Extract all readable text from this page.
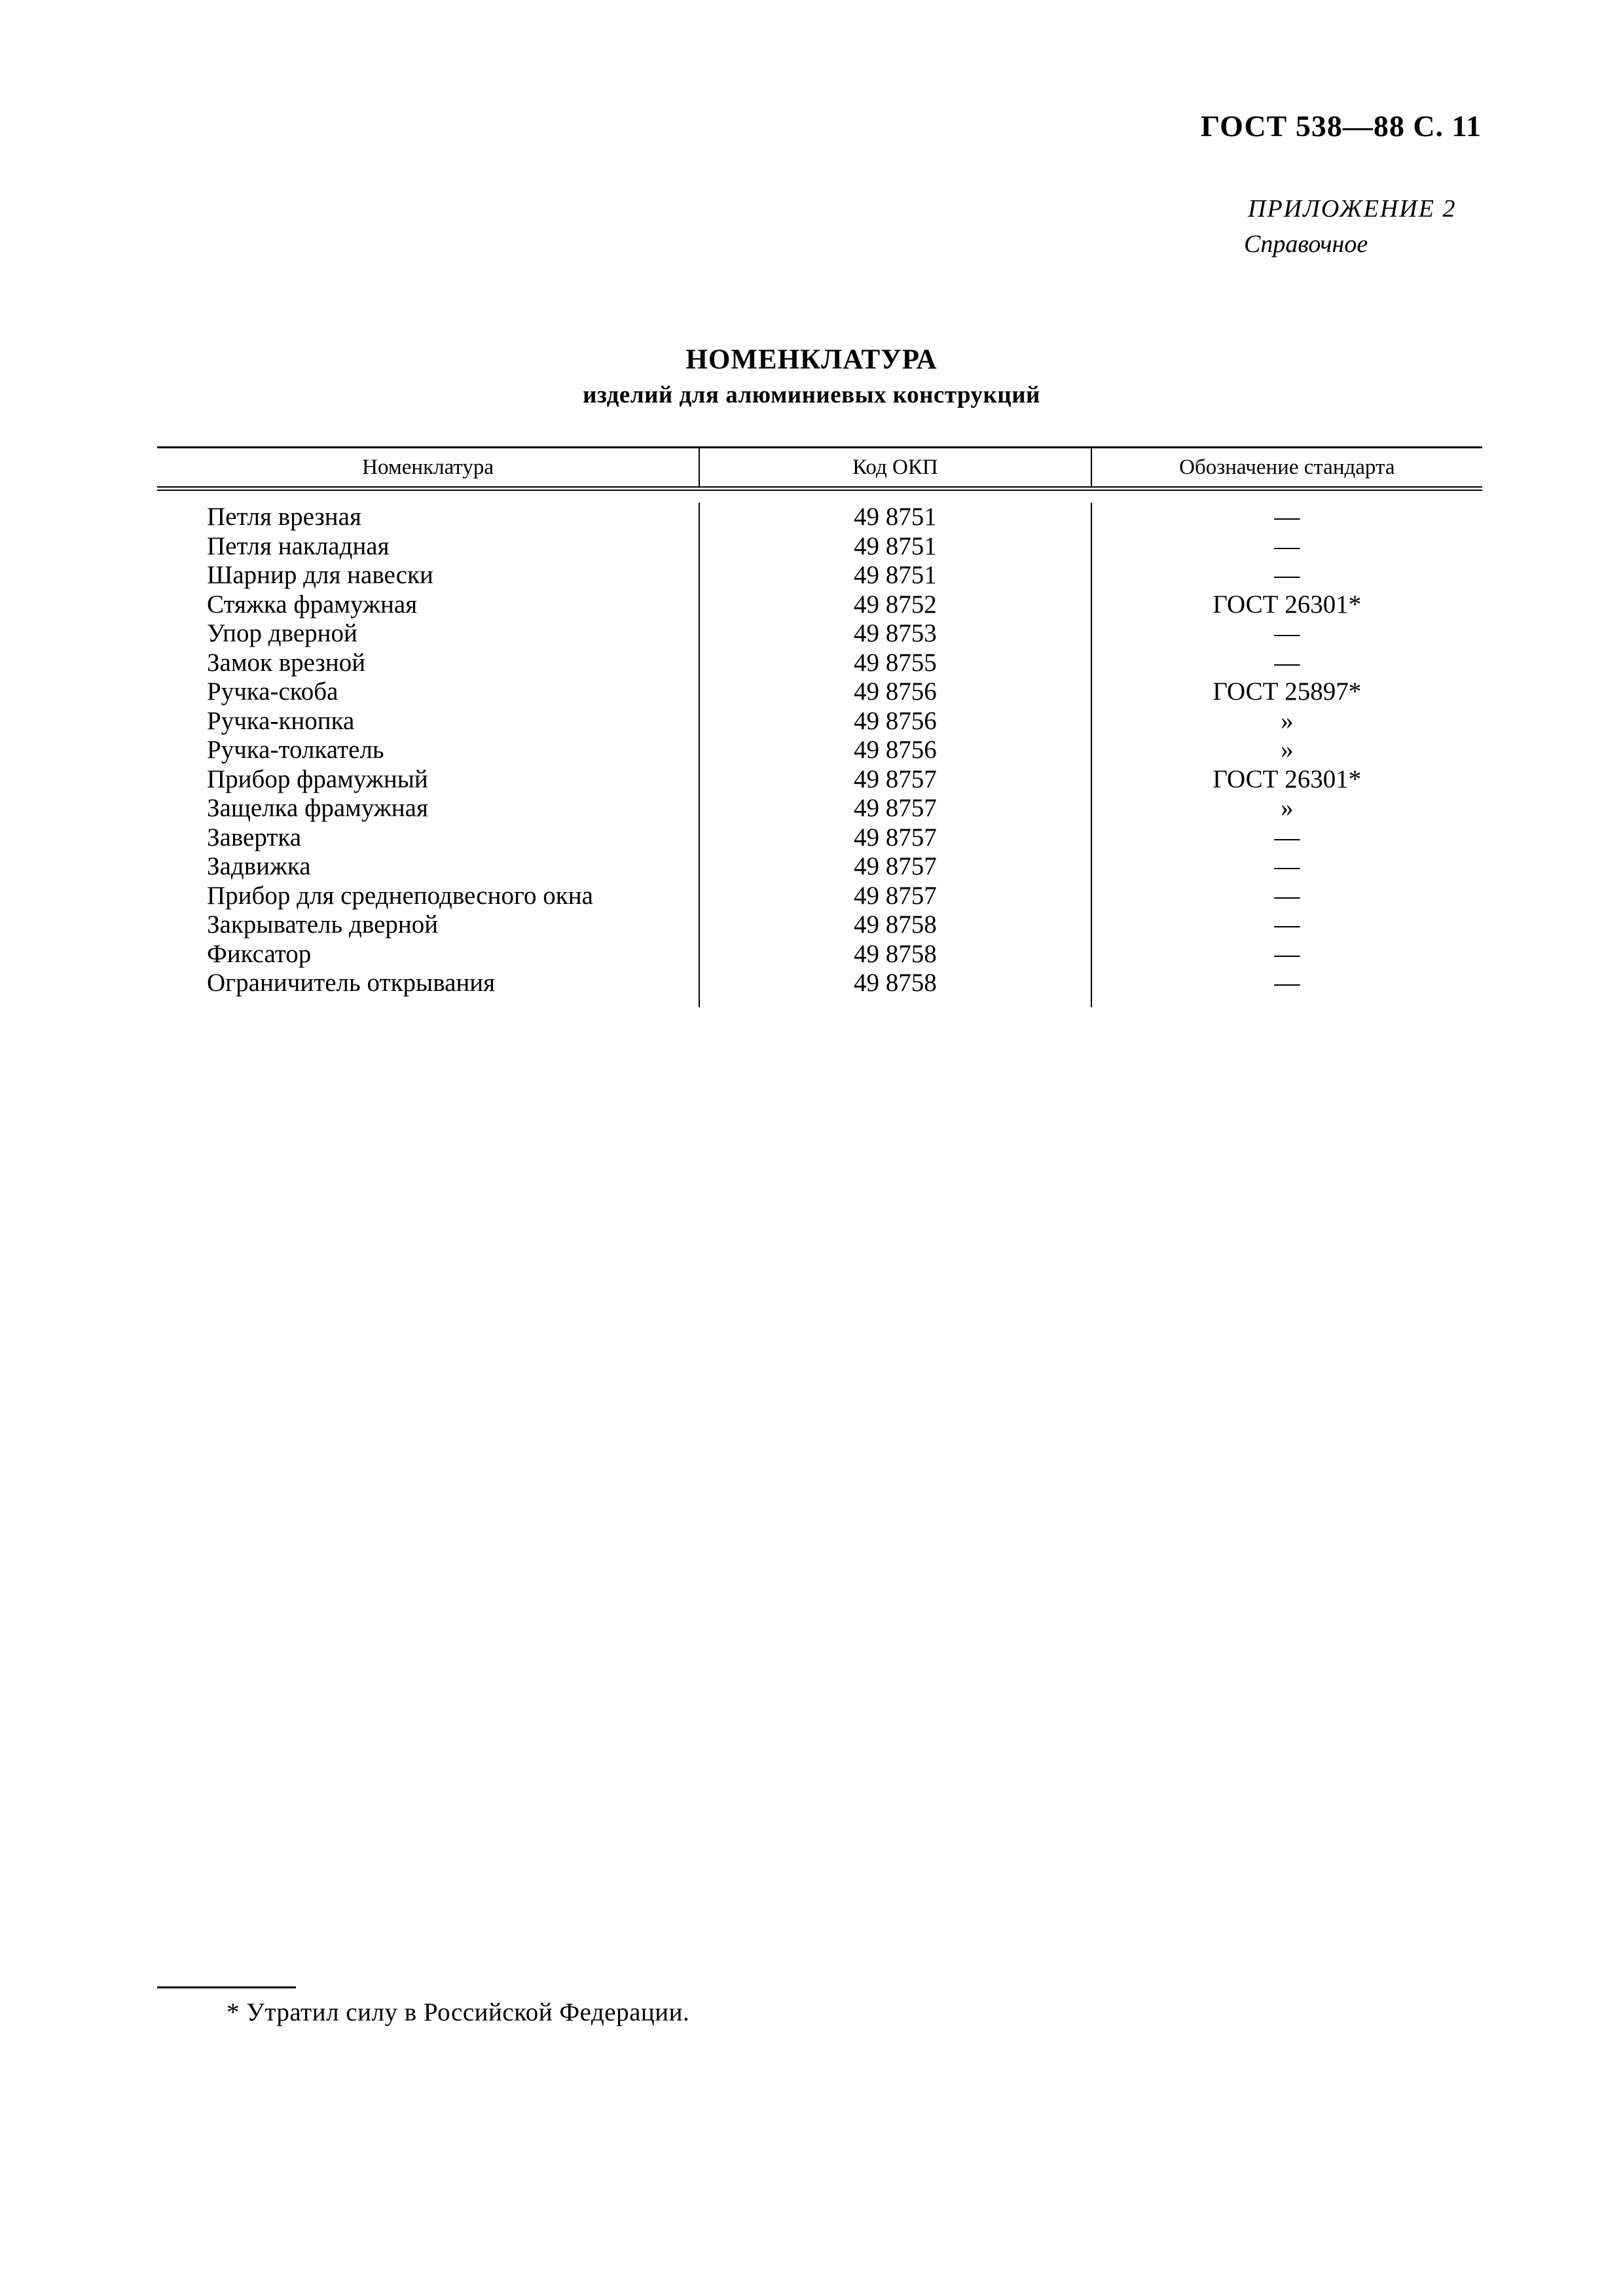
ГОСТ 538—88 С. 11
ПРИЛОЖЕНИЕ 2
Справочное
НОМЕНКЛАТУРА
изделий для алюминиевых конструкций
Номенклатура	Код ОКП	Обозначение стандарта
Петля врезная
Петля накладная
Шарнир для навески
Стяжка фрамужная
Упор дверной
Замок врезной
Ручка-скоба
Ручка-кнопка
Ручка-толкатель
Прибор фрамужный
Защелка фрамужная
Завертка
Задвижка
Прибор для среднеподвесного окна
Закрыватель дверной
Фиксатор
Ограничитель открывания
49 8751
49 8751
49 8751
49 8752
49 8753
49 8755
49 8756
49 8756
49 8756
49 8757
49 8757
49 8757
49 8757
49 8757
49 8758
49 8758
49 8758
—
—
—
ГОСТ 26301*
—
—
ГОСТ 25897*
»
»
ГОСТ 26301*
»
—
—
—
—
—
—
* Утратил силу в Российской Федерации.
